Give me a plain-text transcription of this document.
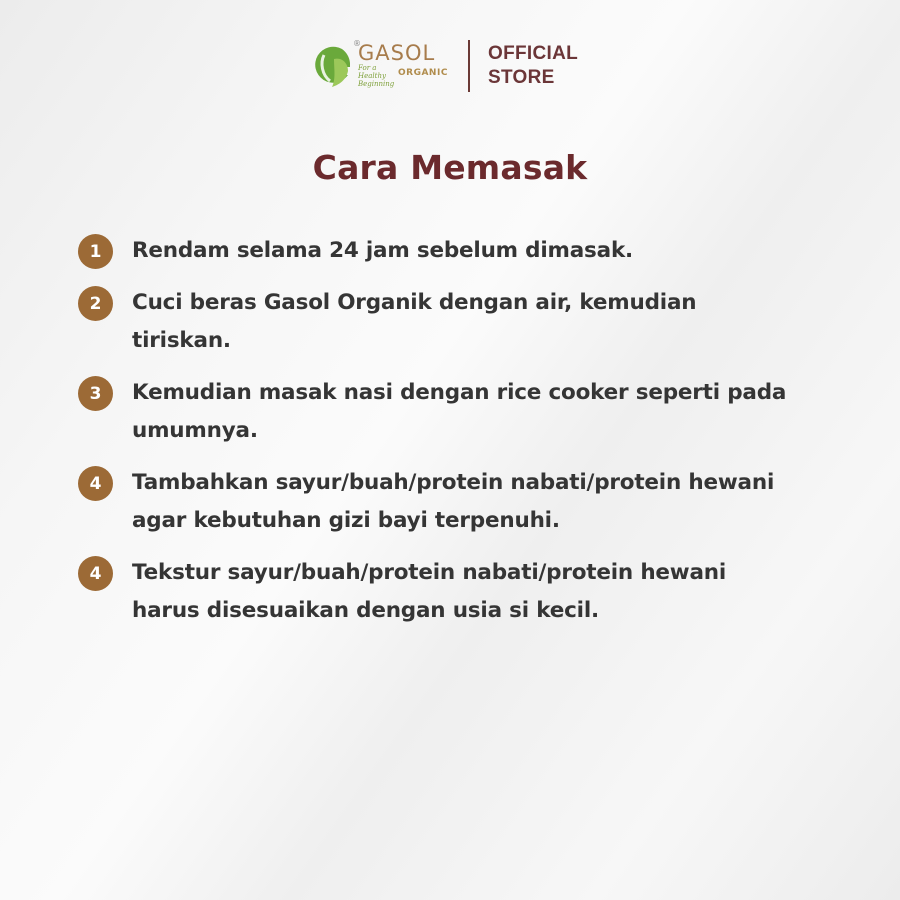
®
GASOL
For a
Healthy
Beginning
ORGANIC
OFFICIAL
STORE
Cara Memasak
1	Rendam selama 24 jam sebelum dimasak.
2	Cuci beras Gasol Organik dengan air, kemudian tiriskan.
3	Kemudian masak nasi dengan rice cooker seperti pada umumnya.
4	Tambahkan sayur/buah/protein nabati/protein hewani agar kebutuhan gizi bayi terpenuhi.
4	Tekstur sayur/buah/protein nabati/protein hewani harus disesuaikan dengan usia si kecil.
